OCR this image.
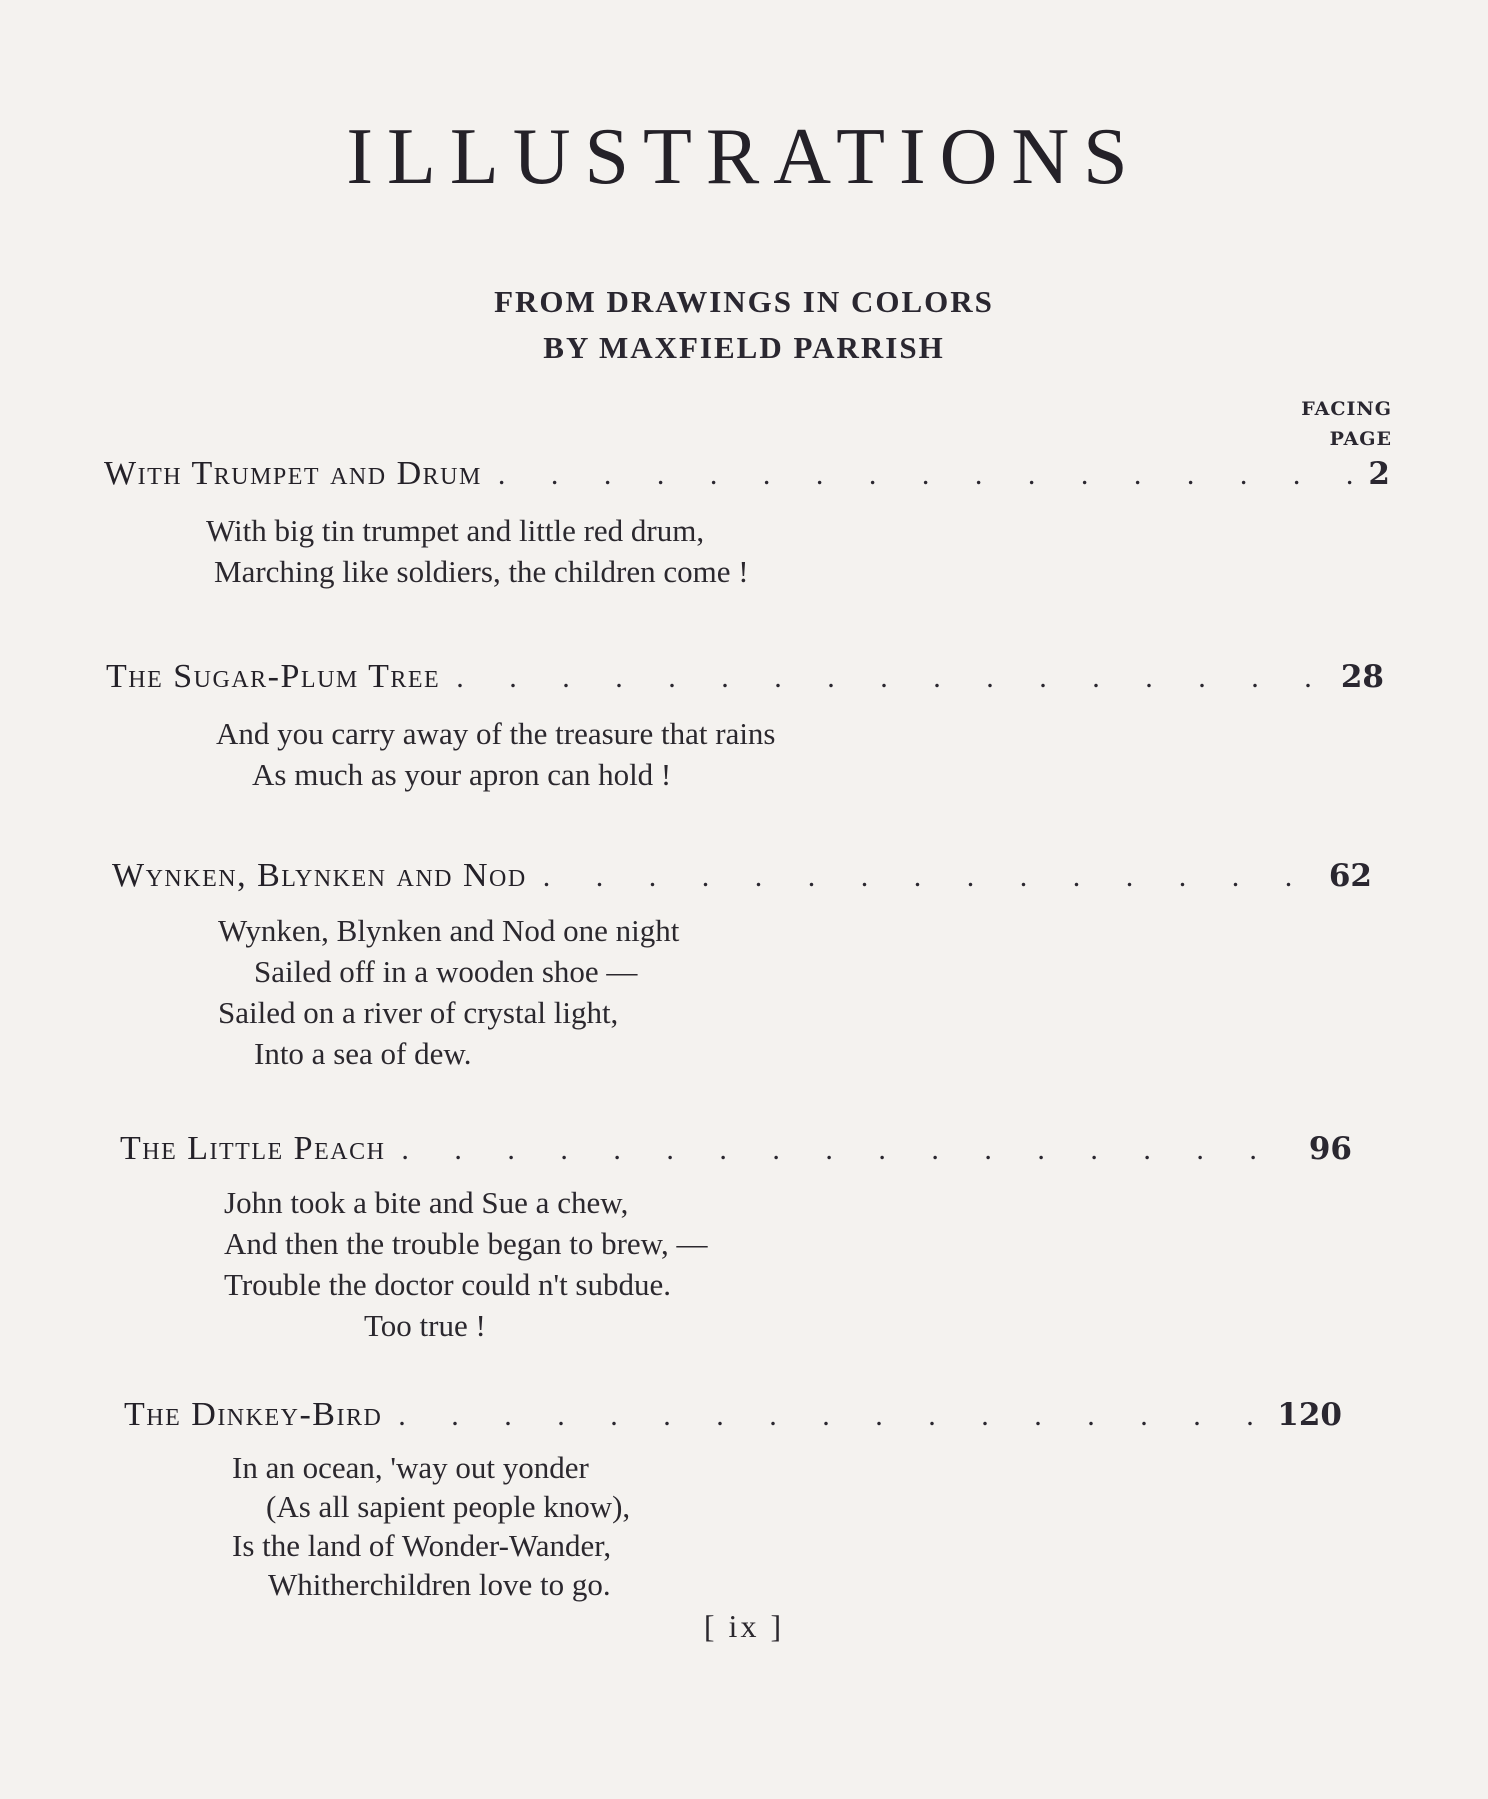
ILLUSTRATIONS
FROM DRAWINGS IN COLORS
BY MAXFIELD PARRISH
FACING
PAGE
With Trumpet and Drum . . .	2
With big tin trumpet and little red drum,
Marching like soldiers, the children come !
The Sugar-Plum Tree . . .	28
And you carry away of the treasure that rains
As much as your apron can hold !
Wynken, Blynken and Nod . . .	62
Wynken, Blynken and Nod one night
Sailed off in a wooden shoe —
Sailed on a river of crystal light,
Into a sea of dew.
The Little Peach . . .	96
John took a bite and Sue a chew,
And then the trouble began to brew, —
Trouble the doctor could n't subdue.
Too true !
The Dinkey-Bird . . .	120
In an ocean, 'way out yonder
(As all sapient people know),
Is the land of Wonder-Wander,
Whitherchildren love to go.
[ ix ]
